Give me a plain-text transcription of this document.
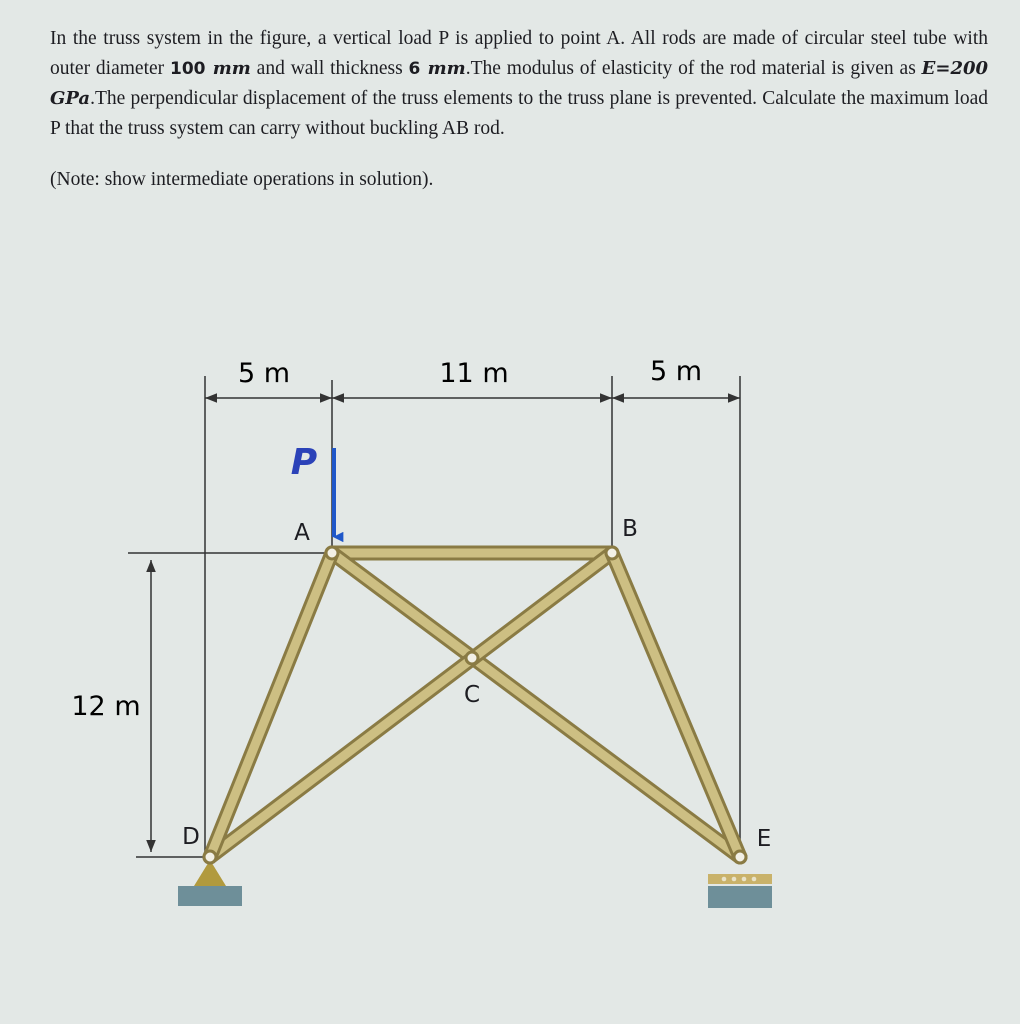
In the truss system in the figure, a vertical load P is applied to point A. All rods are made of circular steel tube with outer diameter 100 mm and wall thickness 6 mm.The modulus of elasticity of the rod material is given as E=200 GPa.The perpendicular displacement of the truss elements to the truss plane is prevented. Calculate the maximum load P that the truss system can carry without buckling AB rod.

(Note: show intermediate operations in solution).

5 m	11 m	5 m
12 m
P
A	B
C
D	E
